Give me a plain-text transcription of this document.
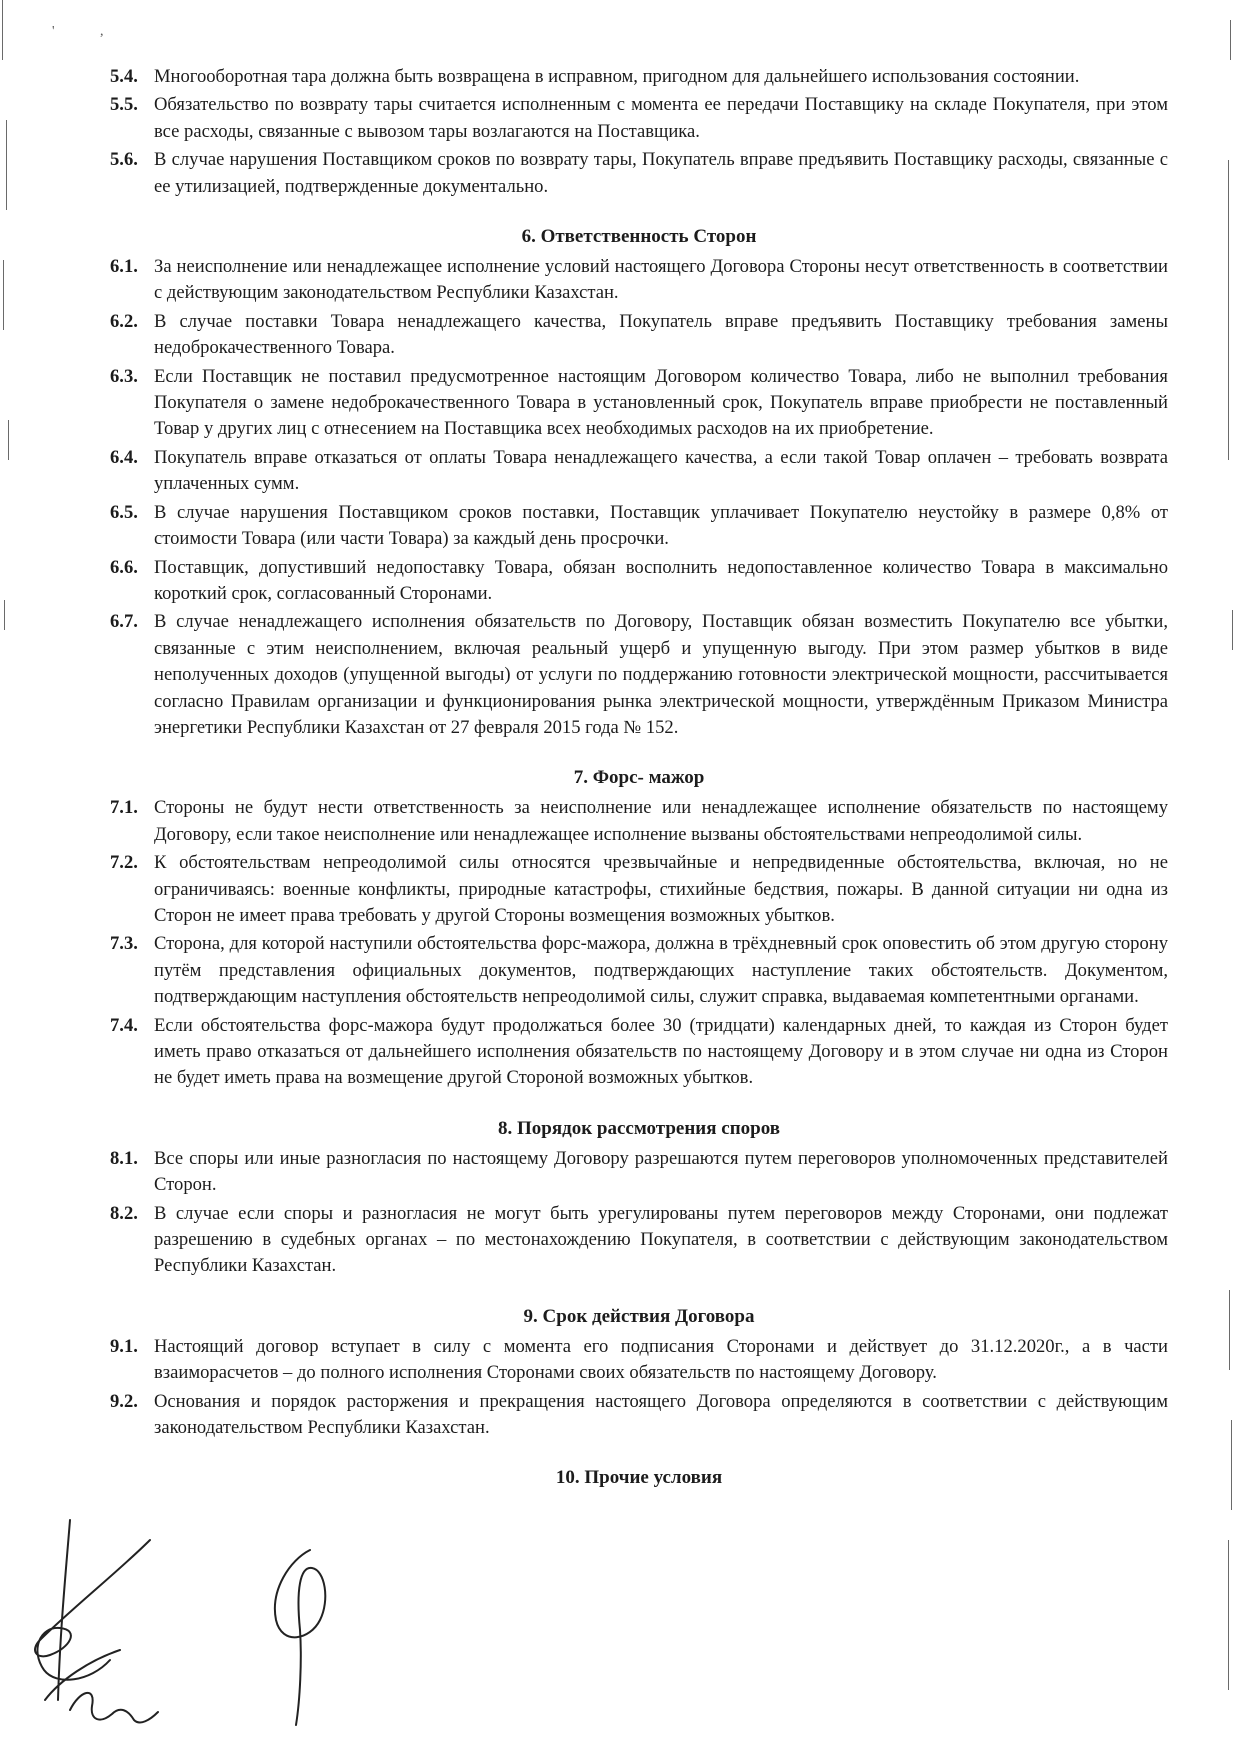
'	,
5.4. Многооборотная тара должна быть возвращена в исправном, пригодном для дальнейшего использования состоянии.
5.5. Обязательство по возврату тары считается исполненным с момента ее передачи Поставщику на складе Покупателя, при этом все расходы, связанные с вывозом тары возлагаются на Поставщика.
5.6. В случае нарушения Поставщиком сроков по возврату тары, Покупатель вправе предъявить Поставщику расходы, связанные с ее утилизацией, подтвержденные документально.
6. Ответственность Сторон
6.1. За неисполнение или ненадлежащее исполнение условий настоящего Договора Стороны несут ответственность в соответствии с действующим законодательством Республики Казахстан.
6.2. В случае поставки Товара ненадлежащего качества, Покупатель вправе предъявить Поставщику требования замены недоброкачественного Товара.
6.3. Если Поставщик не поставил предусмотренное настоящим Договором количество Товара, либо не выполнил требования Покупателя о замене недоброкачественного Товара в установленный срок, Покупатель вправе приобрести не поставленный Товар у других лиц с отнесением на Поставщика всех необходимых расходов на их приобретение.
6.4. Покупатель вправе отказаться от оплаты Товара ненадлежащего качества, а если такой Товар оплачен – требовать возврата уплаченных сумм.
6.5. В случае нарушения Поставщиком сроков поставки, Поставщик уплачивает Покупателю неустойку в размере 0,8% от стоимости Товара (или части Товара) за каждый день просрочки.
6.6. Поставщик, допустивший недопоставку Товара, обязан восполнить недопоставленное количество Товара в максимально короткий срок, согласованный Сторонами.
6.7. В случае ненадлежащего исполнения обязательств по Договору, Поставщик обязан возместить Покупателю все убытки, связанные с этим неисполнением, включая реальный ущерб и упущенную выгоду. При этом размер убытков в виде неполученных доходов (упущенной выгоды) от услуги по поддержанию готовности электрической мощности, рассчитывается согласно Правилам организации и функционирования рынка электрической мощности, утверждённым Приказом Министра энергетики Республики Казахстан от 27 февраля 2015 года № 152.
7. Форс- мажор
7.1. Стороны не будут нести ответственность за неисполнение или ненадлежащее исполнение обязательств по настоящему Договору, если такое неисполнение или ненадлежащее исполнение вызваны обстоятельствами непреодолимой силы.
7.2. К обстоятельствам непреодолимой силы относятся чрезвычайные и непредвиденные обстоятельства, включая, но не ограничиваясь: военные конфликты, природные катастрофы, стихийные бедствия, пожары. В данной ситуации ни одна из Сторон не имеет права требовать у другой Стороны возмещения возможных убытков.
7.3. Сторона, для которой наступили обстоятельства форс-мажора, должна в трёхдневный срок оповестить об этом другую сторону путём представления официальных документов, подтверждающих наступление таких обстоятельств. Документом, подтверждающим наступления обстоятельств непреодолимой силы, служит справка, выдаваемая компетентными органами.
7.4. Если обстоятельства форс-мажора будут продолжаться более 30 (тридцати) календарных дней, то каждая из Сторон будет иметь право отказаться от дальнейшего исполнения обязательств по настоящему Договору и в этом случае ни одна из Сторон не будет иметь права на возмещение другой Стороной возможных убытков.
8. Порядок рассмотрения споров
8.1. Все споры или иные разногласия по настоящему Договору разрешаются путем переговоров уполномоченных представителей Сторон.
8.2. В случае если споры и разногласия не могут быть урегулированы путем переговоров между Сторонами, они подлежат разрешению в судебных органах – по местонахождению Покупателя, в соответствии с действующим законодательством Республики Казахстан.
9. Срок действия Договора
9.1. Настоящий договор вступает в силу с момента его подписания Сторонами и действует до 31.12.2020г., а в части взаиморасчетов – до полного исполнения Сторонами своих обязательств по настоящему Договору.
9.2. Основания и порядок расторжения и прекращения настоящего Договора определяются в соответствии с действующим законодательством Республики Казахстан.
10. Прочие условия
